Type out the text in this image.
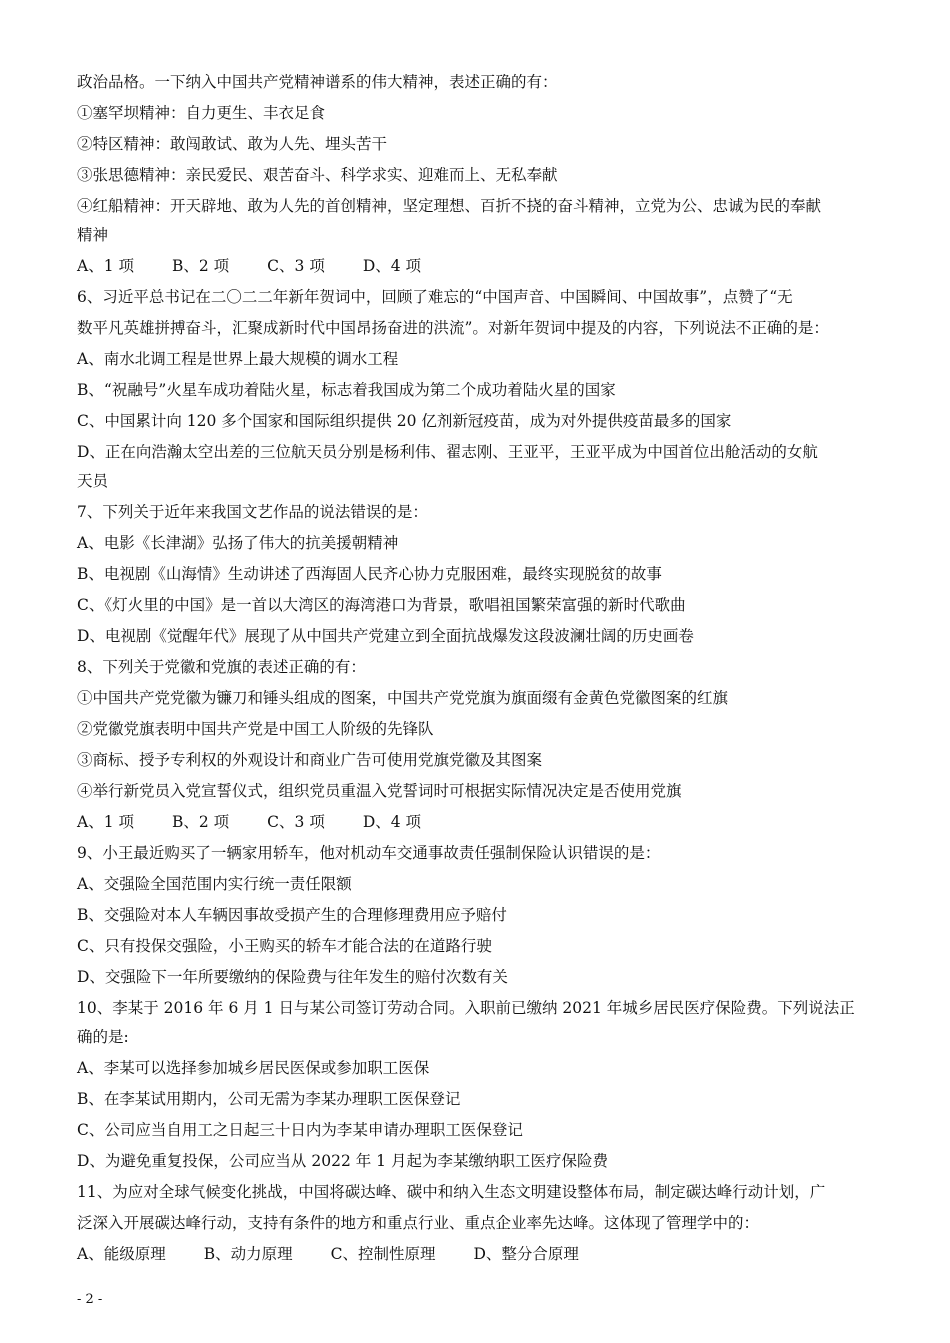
政治品格。一下纳入中国共产党精神谱系的伟大精神，表述正确的有：
①塞罕坝精神：自力更生、丰衣足食
②特区精神：敢闯敢试、敢为人先、埋头苦干
③张思德精神：亲民爱民、艰苦奋斗、科学求实、迎难而上、无私奉献
④红船精神：开天辟地、敢为人先的首创精神，坚定理想、百折不挠的奋斗精神，立党为公、忠诚为民的奉献
精神
A、1 项 B、2 项 C、3 项 D、4 项
6、习近平总书记在二〇二二年新年贺词中，回顾了难忘的“中国声音、中国瞬间、中国故事”，点赞了“无
数平凡英雄拼搏奋斗，汇聚成新时代中国昂扬奋进的洪流”。对新年贺词中提及的内容，下列说法不正确的是：
A、南水北调工程是世界上最大规模的调水工程
B、“祝融号”火星车成功着陆火星，标志着我国成为第二个成功着陆火星的国家
C、中国累计向 120 多个国家和国际组织提供 20 亿剂新冠疫苗，成为对外提供疫苗最多的国家
D、正在向浩瀚太空出差的三位航天员分别是杨利伟、翟志刚、王亚平，王亚平成为中国首位出舱活动的女航
天员
7、下列关于近年来我国文艺作品的说法错误的是：
A、电影《长津湖》弘扬了伟大的抗美援朝精神
B、电视剧《山海情》生动讲述了西海固人民齐心协力克服困难，最终实现脱贫的故事
C、《灯火里的中国》是一首以大湾区的海湾港口为背景，歌唱祖国繁荣富强的新时代歌曲
D、电视剧《觉醒年代》展现了从中国共产党建立到全面抗战爆发这段波澜壮阔的历史画卷
8、下列关于党徽和党旗的表述正确的有：
①中国共产党党徽为镰刀和锤头组成的图案，中国共产党党旗为旗面缀有金黄色党徽图案的红旗
②党徽党旗表明中国共产党是中国工人阶级的先锋队
③商标、授予专利权的外观设计和商业广告可使用党旗党徽及其图案
④举行新党员入党宣誓仪式，组织党员重温入党誓词时可根据实际情况决定是否使用党旗
A、1 项 B、2 项 C、3 项 D、4 项
9、小王最近购买了一辆家用轿车，他对机动车交通事故责任强制保险认识错误的是：
A、交强险全国范围内实行统一责任限额
B、交强险对本人车辆因事故受损产生的合理修理费用应予赔付
C、只有投保交强险，小王购买的轿车才能合法的在道路行驶
D、交强险下一年所要缴纳的保险费与往年发生的赔付次数有关
10、李某于 2016 年 6 月 1 日与某公司签订劳动合同。入职前已缴纳 2021 年城乡居民医疗保险费。下列说法正
确的是:
A、李某可以选择参加城乡居民医保或参加职工医保
B、在李某试用期内，公司无需为李某办理职工医保登记
C、公司应当自用工之日起三十日内为李某申请办理职工医保登记
D、为避免重复投保，公司应当从 2022 年 1 月起为李某缴纳职工医疗保险费
11、为应对全球气候变化挑战，中国将碳达峰、碳中和纳入生态文明建设整体布局，制定碳达峰行动计划，广
泛深入开展碳达峰行动，支持有条件的地方和重点行业、重点企业率先达峰。这体现了管理学中的：
A、能级原理 B、动力原理 C、控制性原理 D、整分合原理
- 2 -
